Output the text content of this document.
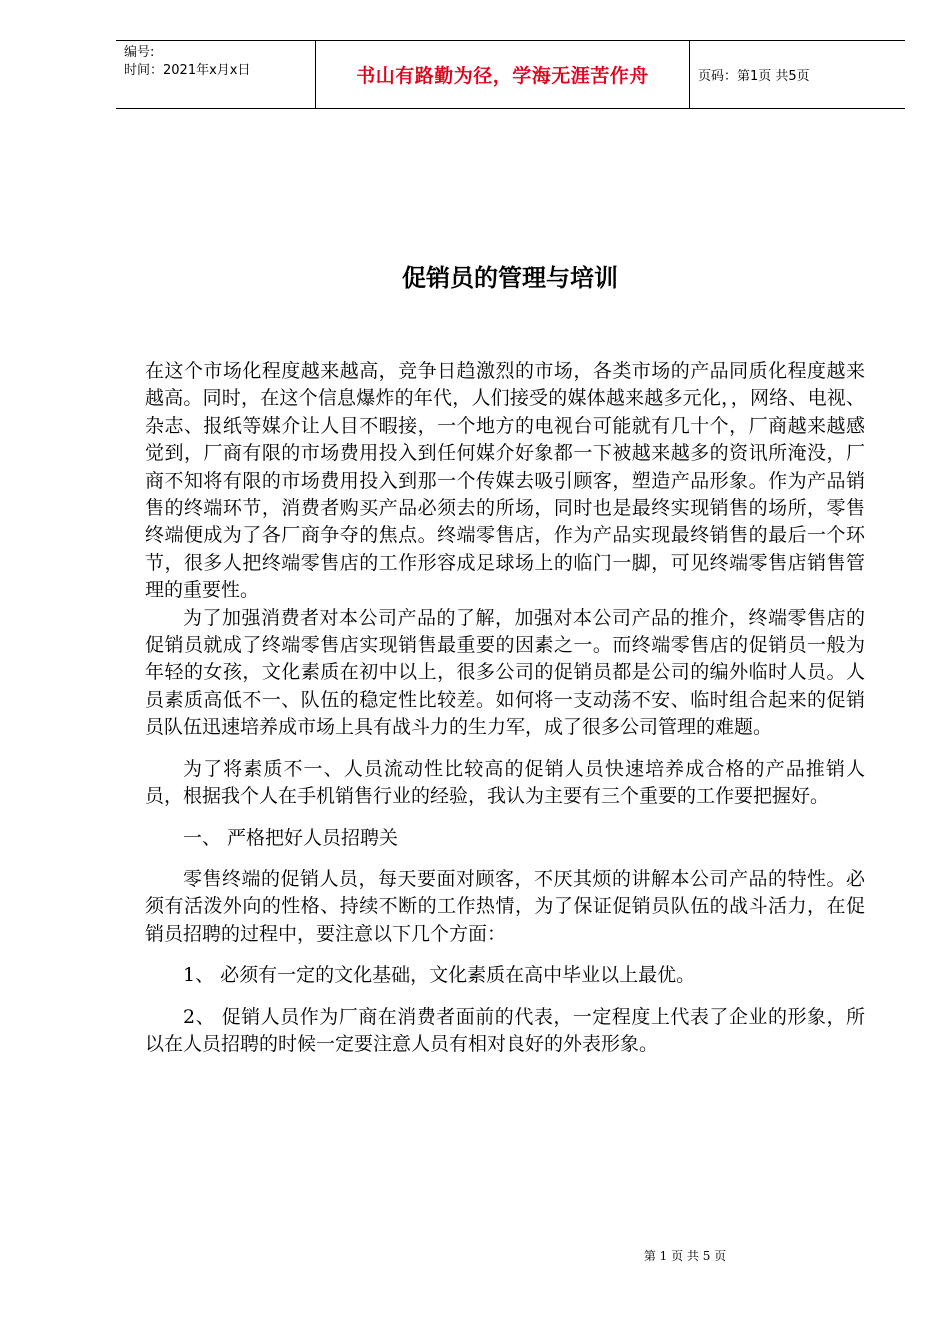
编号:
时间：2021年x月x日	书山有路勤为径，学海无涯苦作舟	页码：第1页 共5页
促销员的管理与培训

在这个市场化程度越来越高，竞争日趋激烈的市场，各类市场的产品同质化程度越来越高。同时，在这个信息爆炸的年代，人们接受的媒体越来越多元化，，网络、电视、杂志、报纸等媒介让人目不暇接，一个地方的电视台可能就有几十个，厂商越来越感觉到，厂商有限的市场费用投入到任何媒介好象都一下被越来越多的资讯所淹没，厂商不知将有限的市场费用投入到那一个传媒去吸引顾客，塑造产品形象。作为产品销售的终端环节，消费者购买产品必须去的所场，同时也是最终实现销售的场所，零售终端便成为了各厂商争夺的焦点。终端零售店，作为产品实现最终销售的最后一个环节，很多人把终端零售店的工作形容成足球场上的临门一脚，可见终端零售店销售管理的重要性。

为了加强消费者对本公司产品的了解，加强对本公司产品的推介，终端零售店的促销员就成了终端零售店实现销售最重要的因素之一。而终端零售店的促销员一般为年轻的女孩，文化素质在初中以上，很多公司的促销员都是公司的编外临时人员。人员素质高低不一、队伍的稳定性比较差。如何将一支动荡不安、临时组合起来的促销员队伍迅速培养成市场上具有战斗力的生力军，成了很多公司管理的难题。

为了将素质不一、人员流动性比较高的促销人员快速培养成合格的产品推销人员，根据我个人在手机销售行业的经验，我认为主要有三个重要的工作要把握好。

一、 严格把好人员招聘关

零售终端的促销人员，每天要面对顾客，不厌其烦的讲解本公司产品的特性。必须有活泼外向的性格、持续不断的工作热情，为了保证促销员队伍的战斗活力，在促销员招聘的过程中，要注意以下几个方面：

1、 必须有一定的文化基础，文化素质在高中毕业以上最优。

2、 促销人员作为厂商在消费者面前的代表，一定程度上代表了企业的形象，所以在人员招聘的时候一定要注意人员有相对良好的外表形象。

第 1 页 共 5 页
